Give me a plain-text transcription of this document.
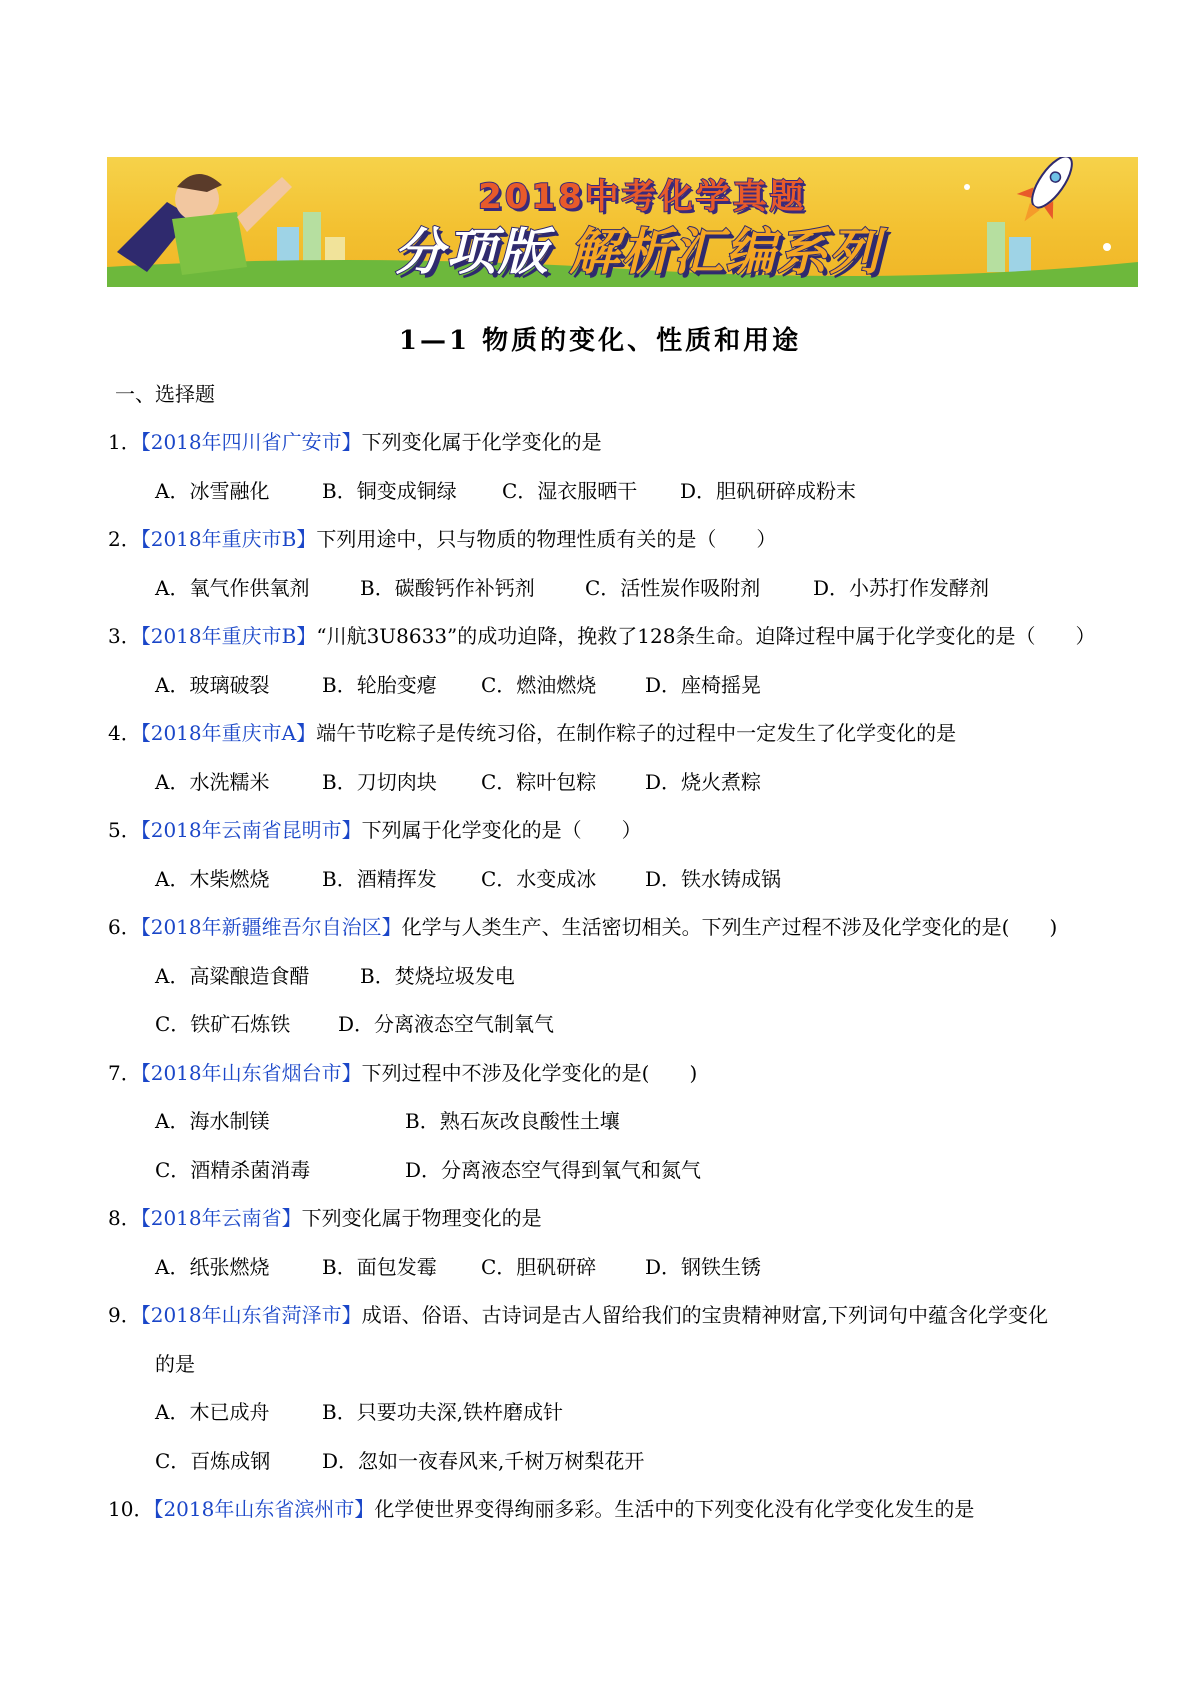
2018中考化学真题
分项版 解析汇编系列
1—1 物质的变化、性质和用途
一、选择题
1．【2018年四川省广安市】下列变化属于化学变化的是
A．冰雪融化	B．铜变成铜绿 C．湿衣服晒干 D．胆矾研碎成粉末
2．【2018年重庆市B】下列用途中，只与物质的物理性质有关的是（　　）
A．氧气作供氧剂	B．碳酸钙作补钙剂	C．活性炭作吸附剂	D．小苏打作发酵剂
3．【2018年重庆市B】“川航3U8633”的成功迫降，挽救了128条生命。迫降过程中属于化学变化的是（　　）
A．玻璃破裂	B．轮胎变瘪 C．燃油燃烧 D．座椅摇晃
4．【2018年重庆市A】端午节吃粽子是传统习俗，在制作粽子的过程中一定发生了化学变化的是
A．水洗糯米	B．刀切肉块 C．粽叶包粽 D．烧火煮粽
5．【2018年云南省昆明市】下列属于化学变化的是（　　）
A．木柴燃烧	B．酒精挥发 C．水变成冰 D．铁水铸成锅
6．【2018年新疆维吾尔自治区】化学与人类生产、生活密切相关。下列生产过程不涉及化学变化的是(　　)
A．高粱酿造食醋	B．焚烧垃圾发电
C．铁矿石炼铁 D．分离液态空气制氧气
7．【2018年山东省烟台市】下列过程中不涉及化学变化的是(　　)
A．海水制镁	B．熟石灰改良酸性土壤
C．酒精杀菌消毒	D．分离液态空气得到氧气和氮气
8．【2018年云南省】下列变化属于物理变化的是
A．纸张燃烧	B．面包发霉 C．胆矾研碎 D．钢铁生锈
9．【2018年山东省菏泽市】成语、俗语、古诗词是古人留给我们的宝贵精神财富,下列词句中蕴含化学变化
的是
A．木已成舟	B．只要功夫深,铁杵磨成针
C．百炼成钢	D．忽如一夜春风来,千树万树梨花开
10．【2018年山东省滨州市】化学使世界变得绚丽多彩。生活中的下列变化没有化学变化发生的是
